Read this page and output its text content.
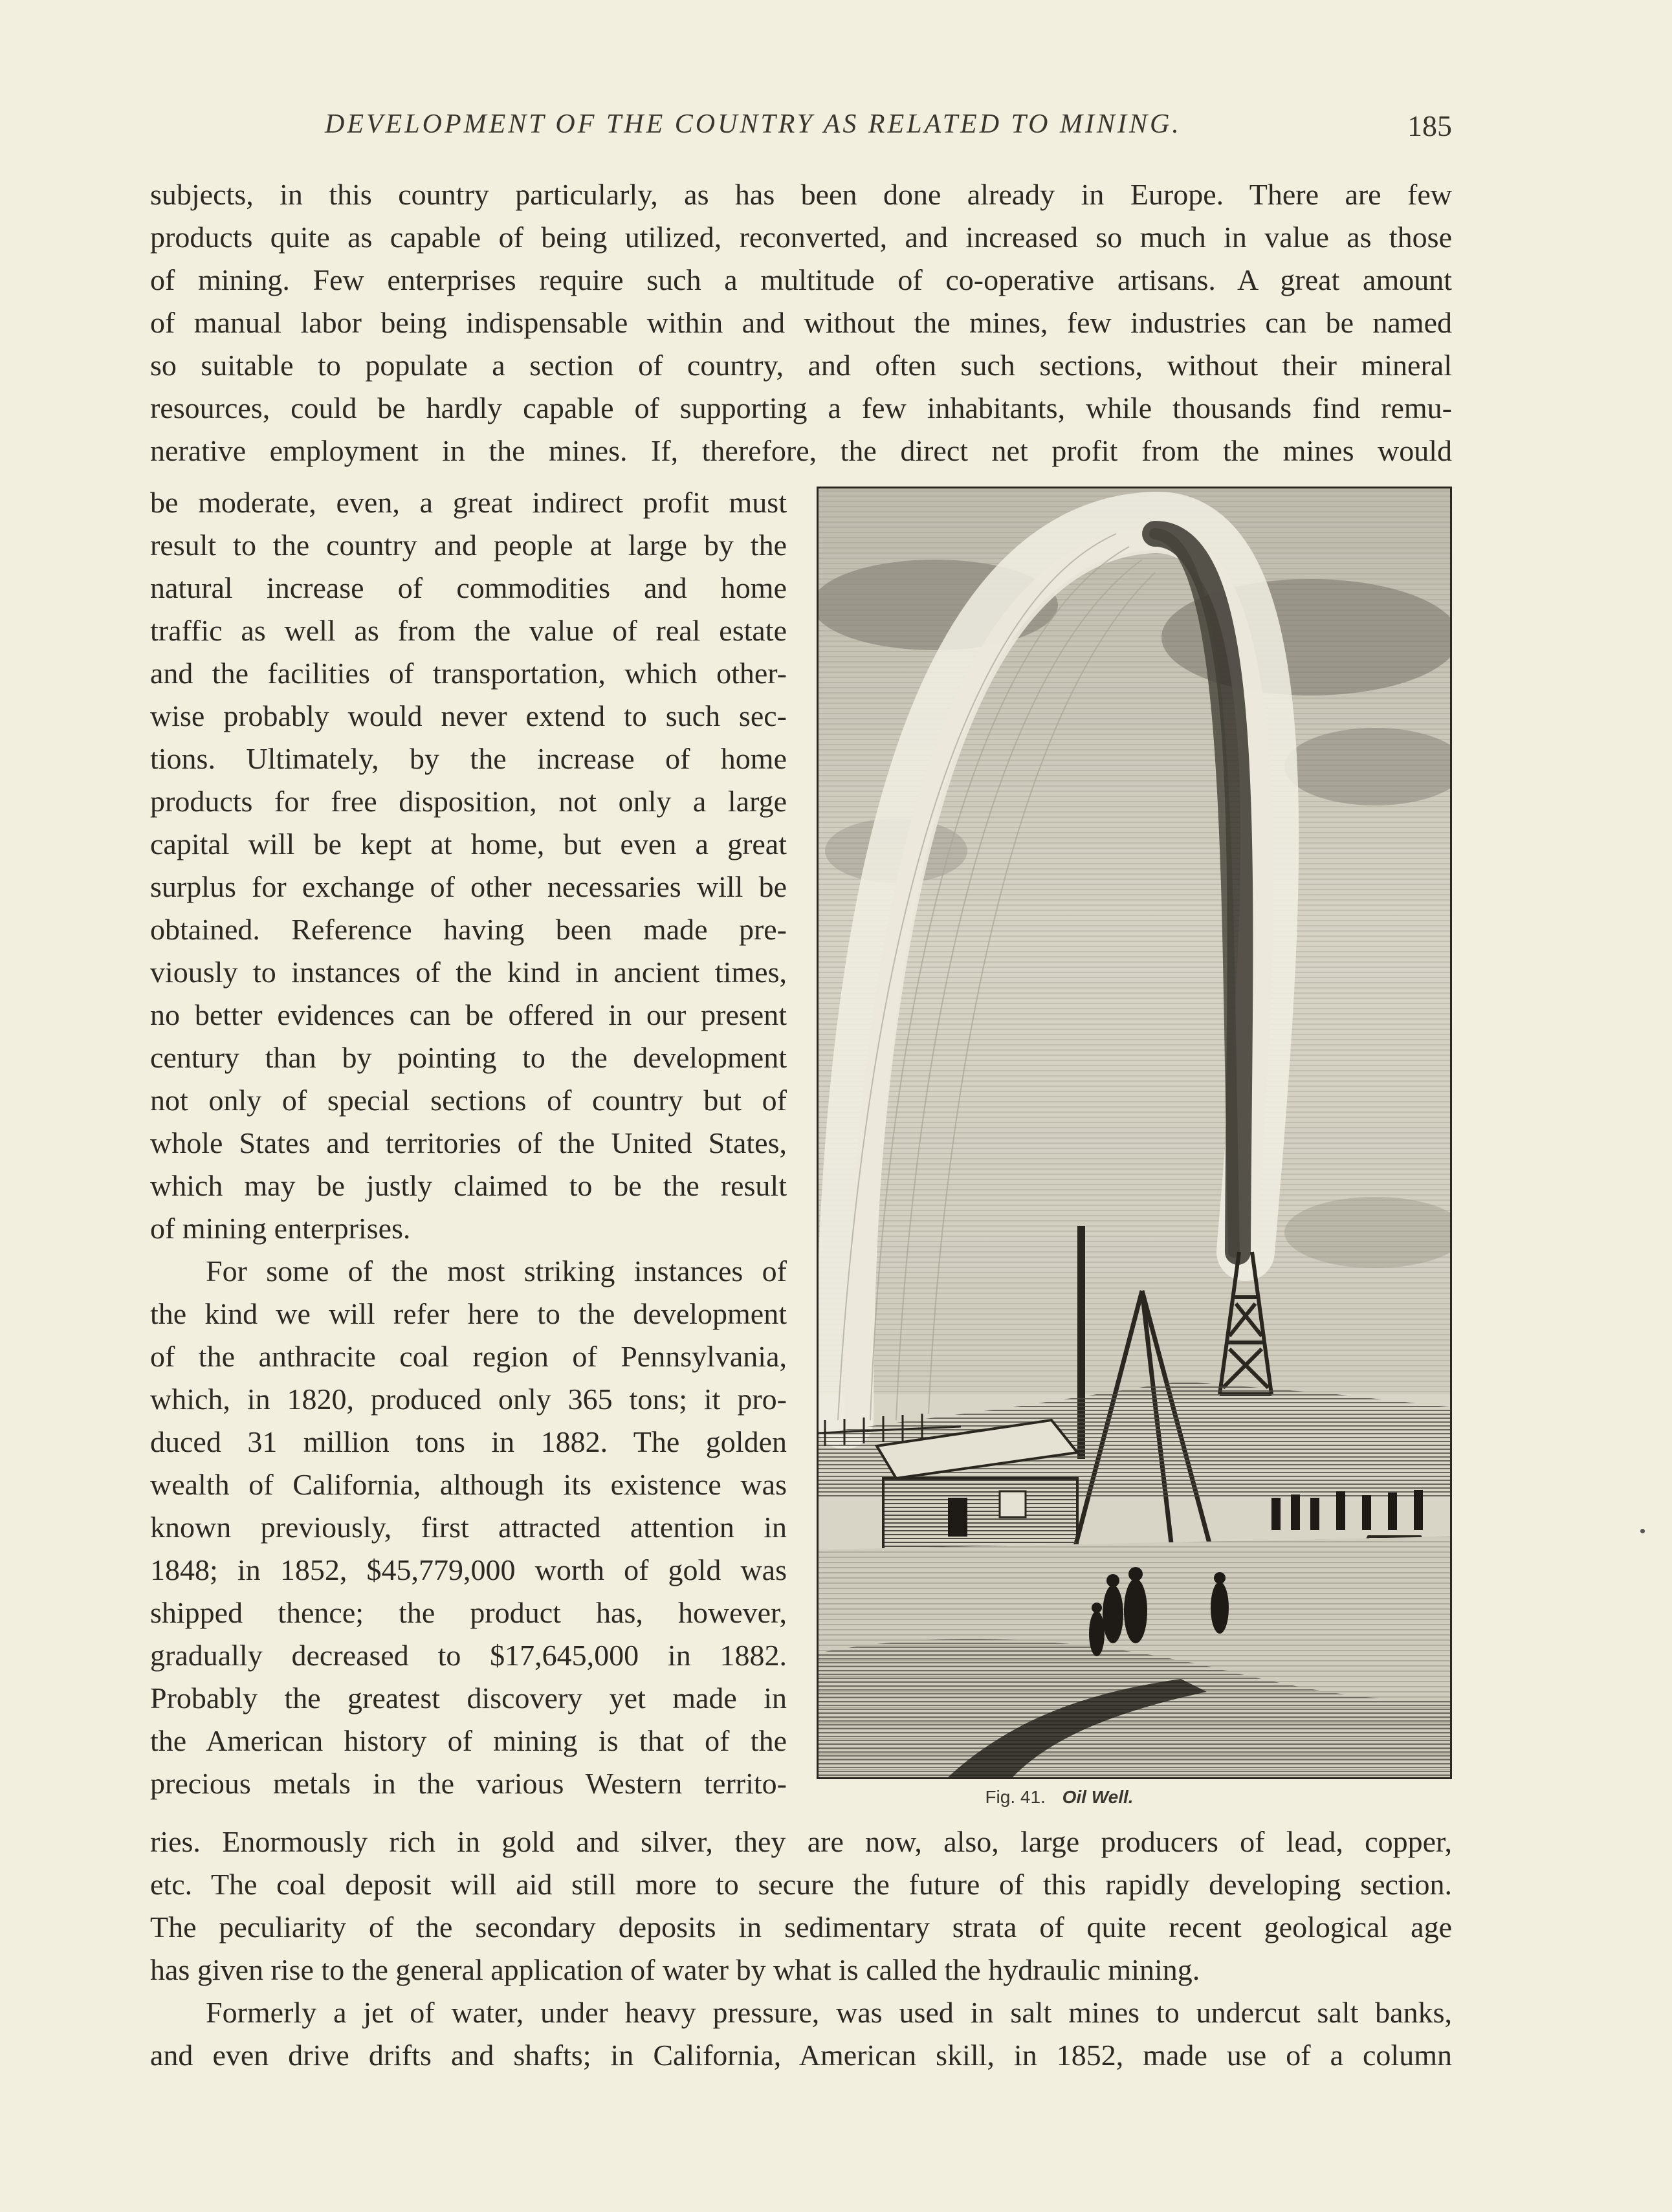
DEVELOPMENT OF THE COUNTRY AS RELATED TO MINING.	185
subjects, in this country particularly, as has been done already in Europe. There are few
products quite as capable of being utilized, reconverted, and increased so much in value as those
of mining. Few enterprises require such a multitude of co-operative artisans. A great amount
of manual labor being indispensable within and without the mines, few industries can be named
so suitable to populate a section of country, and often such sections, without their mineral
resources, could be hardly capable of supporting a few inhabitants, while thousands find remu-
nerative employment in the mines. If, therefore, the direct net profit from the mines would
be moderate, even, a great indirect profit must
result to the country and people at large by the
natural increase of commodities and home
traffic as well as from the value of real estate
and the facilities of transportation, which other-
wise probably would never extend to such sec-
tions. Ultimately, by the increase of home
products for free disposition, not only a large
capital will be kept at home, but even a great
surplus for exchange of other necessaries will be
obtained. Reference having been made pre-
viously to instances of the kind in ancient times,
no better evidences can be offered in our present
century than by pointing to the development
not only of special sections of country but of
whole States and territories of the United States,
which may be justly claimed to be the result
of mining enterprises.
For some of the most striking instances of
the kind we will refer here to the development
of the anthracite coal region of Pennsylvania,
which, in 1820, produced only 365 tons; it pro-
duced 31 million tons in 1882. The golden
wealth of California, although its existence was
known previously, first attracted attention in
1848; in 1852, $45,779,000 worth of gold was
shipped thence; the product has, however,
gradually decreased to $17,645,000 in 1882.
Probably the greatest discovery yet made in
the American history of mining is that of the
precious metals in the various Western territo-
ries. Enormously rich in gold and silver, they are now, also, large producers of lead, copper,
etc. The coal deposit will aid still more to secure the future of this rapidly developing section.
The peculiarity of the secondary deposits in sedimentary strata of quite recent geological age
has given rise to the general application of water by what is called the hydraulic mining.
Formerly a jet of water, under heavy pressure, was used in salt mines to undercut salt banks,
and even drive drifts and shafts; in California, American skill, in 1852, made use of a column
Fig. 41. Oil Well.
